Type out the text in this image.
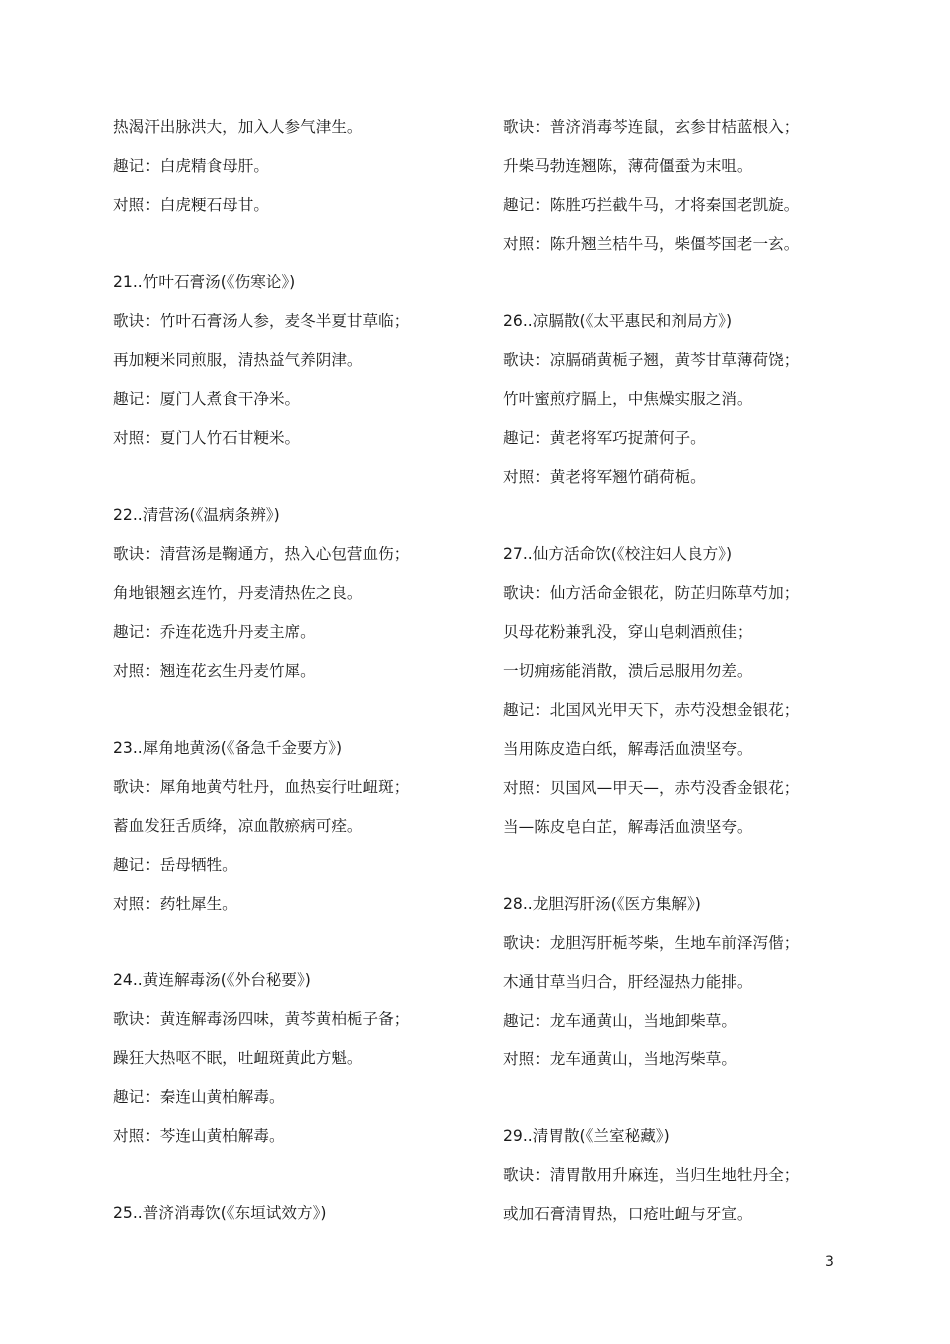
热渴汗出脉洪大，加入人参气津生。
趣记：白虎精食母肝。
对照：白虎粳石母甘。
21..竹叶石膏汤(《伤寒论》)
歌诀：竹叶石膏汤人参，麦冬半夏甘草临；
再加粳米同煎服，清热益气养阴津。
趣记：厦门人煮食干净米。
对照：夏门人竹石甘粳米。
22..清营汤(《温病条辨》)
歌诀：清营汤是鞠通方，热入心包营血伤；
角地银翘玄连竹，丹麦清热佐之良。
趣记：乔连花选升丹麦主席。
对照：翘连花玄生丹麦竹犀。
23..犀角地黄汤(《备急千金要方》)
歌诀：犀角地黄芍牡丹，血热妄行吐衄斑；
蓄血发狂舌质绛，凉血散瘀病可痊。
趣记：岳母牺牲。
对照：药牡犀生。
24..黄连解毒汤(《外台秘要》)
歌诀：黄连解毒汤四味，黄芩黄柏栀子备；
躁狂大热呕不眠，吐衄斑黄此方魁。
趣记：秦连山黄柏解毒。
对照：芩连山黄柏解毒。
25..普济消毒饮(《东垣试效方》)
歌诀：普济消毒芩连鼠，玄参甘桔蓝根入；
升柴马勃连翘陈，薄荷僵蚕为末咀。
趣记：陈胜巧拦截牛马，才将秦国老凯旋。
对照：陈升翘兰桔牛马，柴僵芩国老一玄。
26..凉膈散(《太平惠民和剂局方》)
歌诀：凉膈硝黄栀子翘，黄芩甘草薄荷饶；
竹叶蜜煎疗膈上，中焦燥实服之消。
趣记：黄老将军巧捉萧何子。
对照：黄老将军翘竹硝荷栀。
27..仙方活命饮(《校注妇人良方》)
歌诀：仙方活命金银花，防芷归陈草芍加；
贝母花粉兼乳没，穿山皂刺酒煎佳；
一切痈疡能消散，溃后忌服用勿差。
趣记：北国风光甲天下，赤芍没想金银花；
当用陈皮造白纸，解毒活血溃坚夸。
对照：贝国风—甲天—，赤芍没香金银花；
当—陈皮皂白芷，解毒活血溃坚夸。
28..龙胆泻肝汤(《医方集解》)
歌诀：龙胆泻肝栀芩柴，生地车前泽泻偕；
木通甘草当归合，肝经湿热力能排。
趣记：龙车通黄山，当地卸柴草。
对照：龙车通黄山，当地泻柴草。
29..清胃散(《兰室秘藏》)
歌诀：清胃散用升麻连，当归生地牡丹全；
或加石膏清胃热，口疮吐衄与牙宣。
3
